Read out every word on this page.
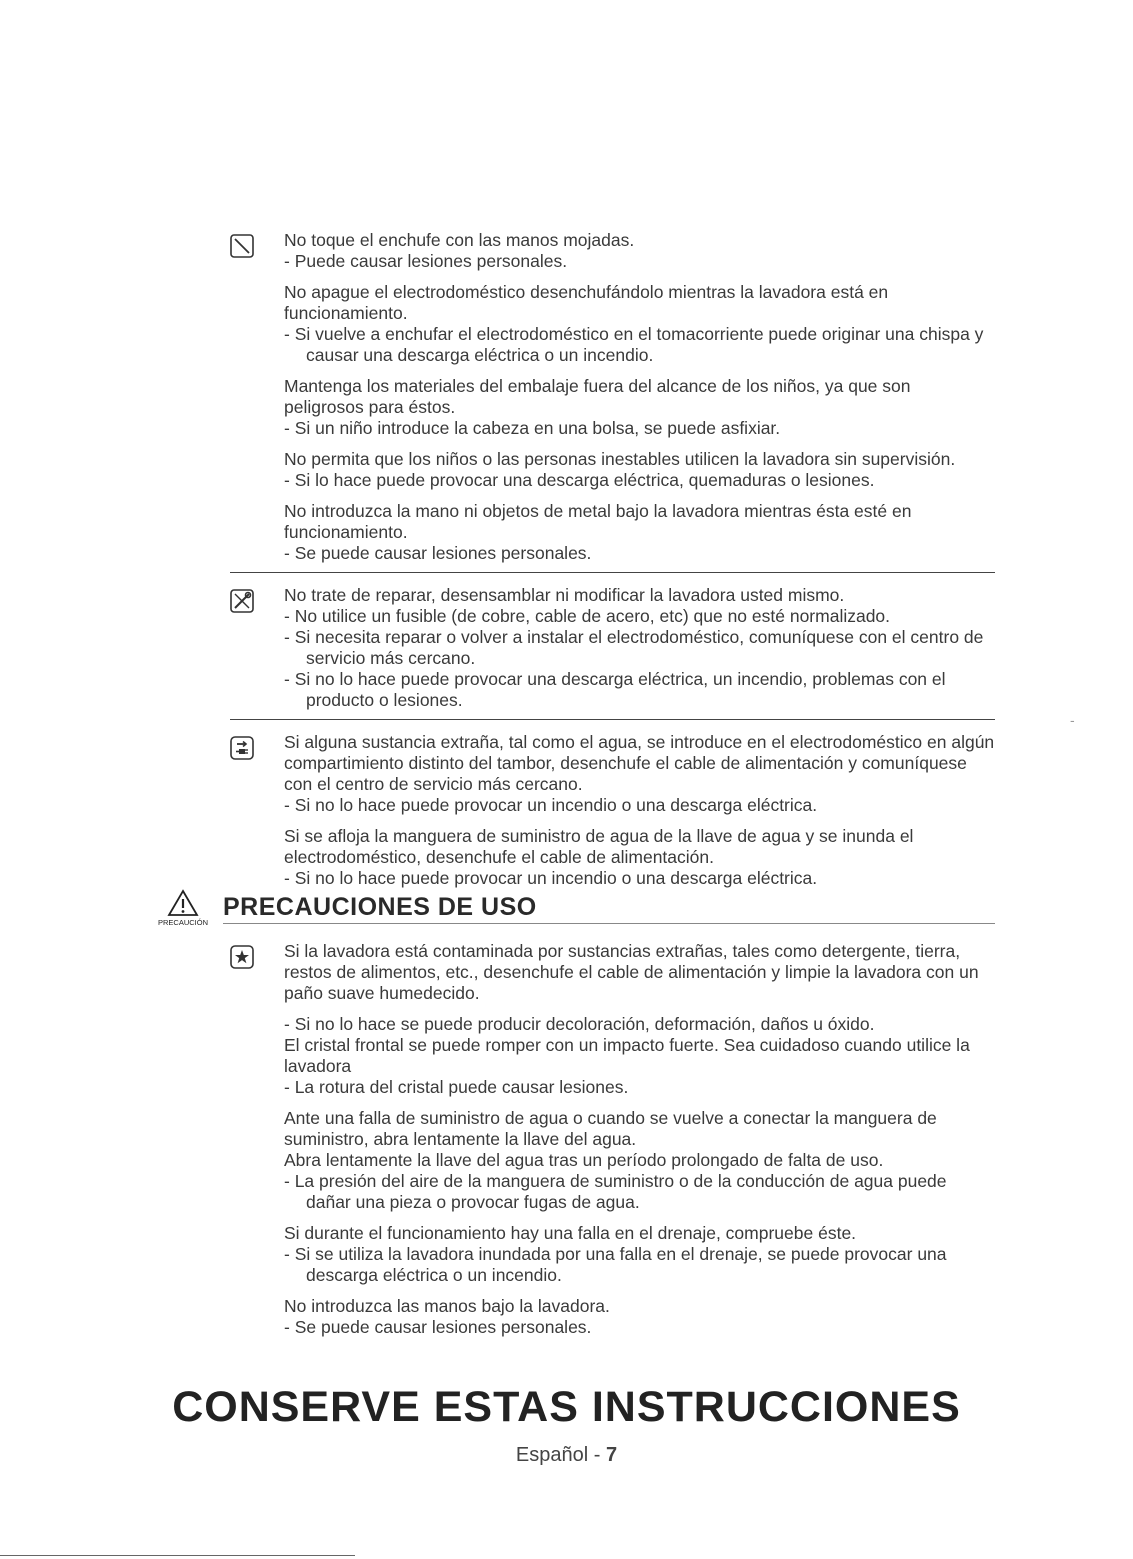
No toque el enchufe con las manos mojadas.
- Puede causar lesiones personales.
No apague el electrodoméstico desenchufándolo mientras la lavadora está en funcionamiento.
- Si vuelve a enchufar el electrodoméstico en el tomacorriente puede originar una chispa y causar una descarga eléctrica o un incendio.
Mantenga los materiales del embalaje fuera del alcance de los niños, ya que son peligrosos para éstos.
- Si un niño introduce la cabeza en una bolsa, se puede asfixiar.
No permita que los niños o las personas inestables utilicen la lavadora sin supervisión.
- Si lo hace puede provocar una descarga eléctrica, quemaduras o lesiones.
No introduzca la mano ni objetos de metal bajo la lavadora mientras ésta esté en funcionamiento.
- Se puede causar lesiones personales.
No trate de reparar, desensamblar ni modificar la lavadora usted mismo.
- No utilice un fusible (de cobre, cable de acero, etc) que no esté normalizado.
- Si necesita reparar o volver a instalar el electrodoméstico, comuníquese con el centro de servicio más cercano.
- Si no lo hace puede provocar una descarga eléctrica, un incendio, problemas con el producto o lesiones.
Si alguna sustancia extraña, tal como el agua, se introduce en el electrodoméstico en algún compartimiento distinto del tambor, desenchufe el cable de alimentación y comuníquese con el centro de servicio más cercano.
- Si no lo hace puede provocar un incendio o una descarga eléctrica.
Si se afloja la manguera de suministro de agua de la llave de agua y se inunda el electrodoméstico, desenchufe el cable de alimentación.
- Si no lo hace puede provocar un incendio o una descarga eléctrica.
PRECAUCIÓN
PRECAUCIONES DE USO
Si la lavadora está contaminada por sustancias extrañas, tales como detergente, tierra, restos de alimentos, etc., desenchufe el cable de alimentación y limpie la lavadora con un paño suave humedecido.
- Si no lo hace se puede producir decoloración, deformación, daños u óxido.
El cristal frontal se puede romper con un impacto fuerte. Sea cuidadoso cuando utilice la lavadora
- La rotura del cristal puede causar lesiones.
Ante una falla de suministro de agua o cuando se vuelve a conectar la manguera de suministro, abra lentamente la llave del agua.
Abra lentamente la llave del agua tras un período prolongado de falta de uso.
- La presión del aire de la manguera de suministro o de la conducción de agua puede dañar una pieza o provocar fugas de agua.
Si durante el funcionamiento hay una falla en el drenaje, compruebe éste.
- Si se utiliza la lavadora inundada por una falla en el drenaje, se puede provocar una descarga eléctrica o un incendio.
No introduzca las manos bajo la lavadora.
- Se puede causar lesiones personales.
CONSERVE ESTAS INSTRUCCIONES
Español - 7
-
